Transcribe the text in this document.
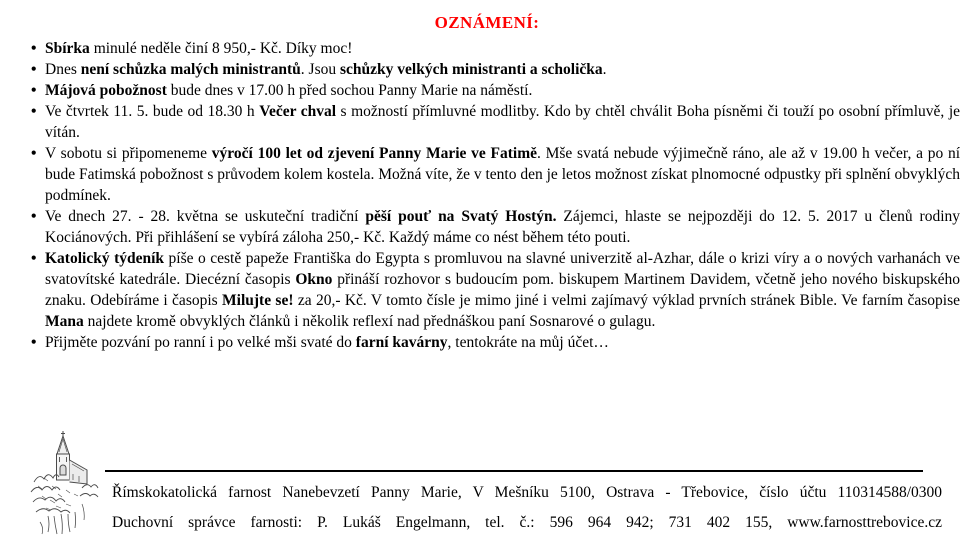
OZNÁMENÍ:
• Sbírka minulé neděle činí 8 950,- Kč. Díky moc!
• Dnes není schůzka malých ministrantů. Jsou schůzky velkých ministranti a scholička.
• Májová pobožnost bude dnes v 17.00 h před sochou Panny Marie na náměstí.
• Ve čtvrtek 11. 5. bude od 18.30 h Večer chval s možností přímluvné modlitby. Kdo by chtěl chválit Boha písněmi či touží po osobní přímluvě, je vítán.
• V sobotu si připomeneme výročí 100 let od zjevení Panny Marie ve Fatimě. Mše svatá nebude výjimečně ráno, ale až v 19.00 h večer, a po ní bude Fatimská pobožnost s průvodem kolem kostela. Možná víte, že v tento den je letos možnost získat plnomocné odpustky při splnění obvyklých podmínek.
• Ve dnech 27. - 28. května se uskuteční tradiční pěší pouť na Svatý Hostýn. Zájemci, hlaste se nejpozději do 12. 5. 2017 u členů rodiny Kociánových. Při přihlášení se vybírá záloha 250,- Kč. Každý máme co nést během této pouti.
• Katolický týdeník píše o cestě papeže Františka do Egypta s promluvou na slavné univerzitě al-Azhar, dále o krizi víry a o nových varhanách ve svatovítské katedrále. Diecézní časopis Okno přináší rozhovor s budoucím pom. biskupem Martinem Davidem, včetně jeho nového biskupského znaku. Odebíráme i časopis Milujte se! za 20,- Kč. V tomto čísle je mimo jiné i velmi zajímavý výklad prvních stránek Bible. Ve farním časopise Mana najdete kromě obvyklých článků i několik reflexí nad přednáškou paní Sosnarové o gulagu.
• Přijměte pozvání po ranní i po velké mši svaté do farní kavárny, tentokráte na můj účet…
Římskokatolická farnost Nanebevzetí Panny Marie, V Mešníku 5100, Ostrava - Třebovice, číslo účtu 110314588/0300
Duchovní správce farnosti: P. Lukáš Engelmann, tel. č.: 596 964 942; 731 402 155, www.farnosttrebovice.cz
